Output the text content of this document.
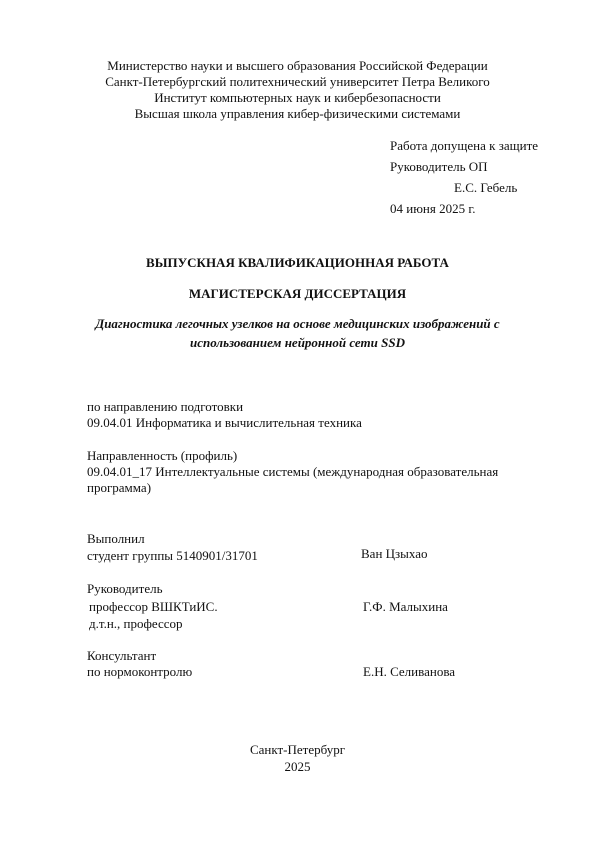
Министерство науки и высшего образования Российской Федерации
Санкт-Петербургский политехнический университет Петра Великого
Институт компьютерных наук и кибербезопасности
Высшая школа управления кибер-физическими системами
Работа допущена к защите
Руководитель ОП
Е.С. Гебель
04 июня 2025 г.
ВЫПУСКНАЯ КВАЛИФИКАЦИОННАЯ РАБОТА
МАГИСТЕРСКАЯ ДИССЕРТАЦИЯ
Диагностика легочных узелков на основе медицинских изображений с
использованием нейронной сети SSD
по направлению подготовки
09.04.01 Информатика и вычислительная техника
Направленность (профиль)
09.04.01_17 Интеллектуальные системы (международная образовательная
программа)
Выполнил
студент группы 5140901/31701	Ван Цзыхао
Руководитель
профессор ВШКТиИС.
д.т.н., профессор
Г.Ф. Малыхина
Консультант
по нормоконтролю	Е.Н. Селиванова
Санкт-Петербург
2025
